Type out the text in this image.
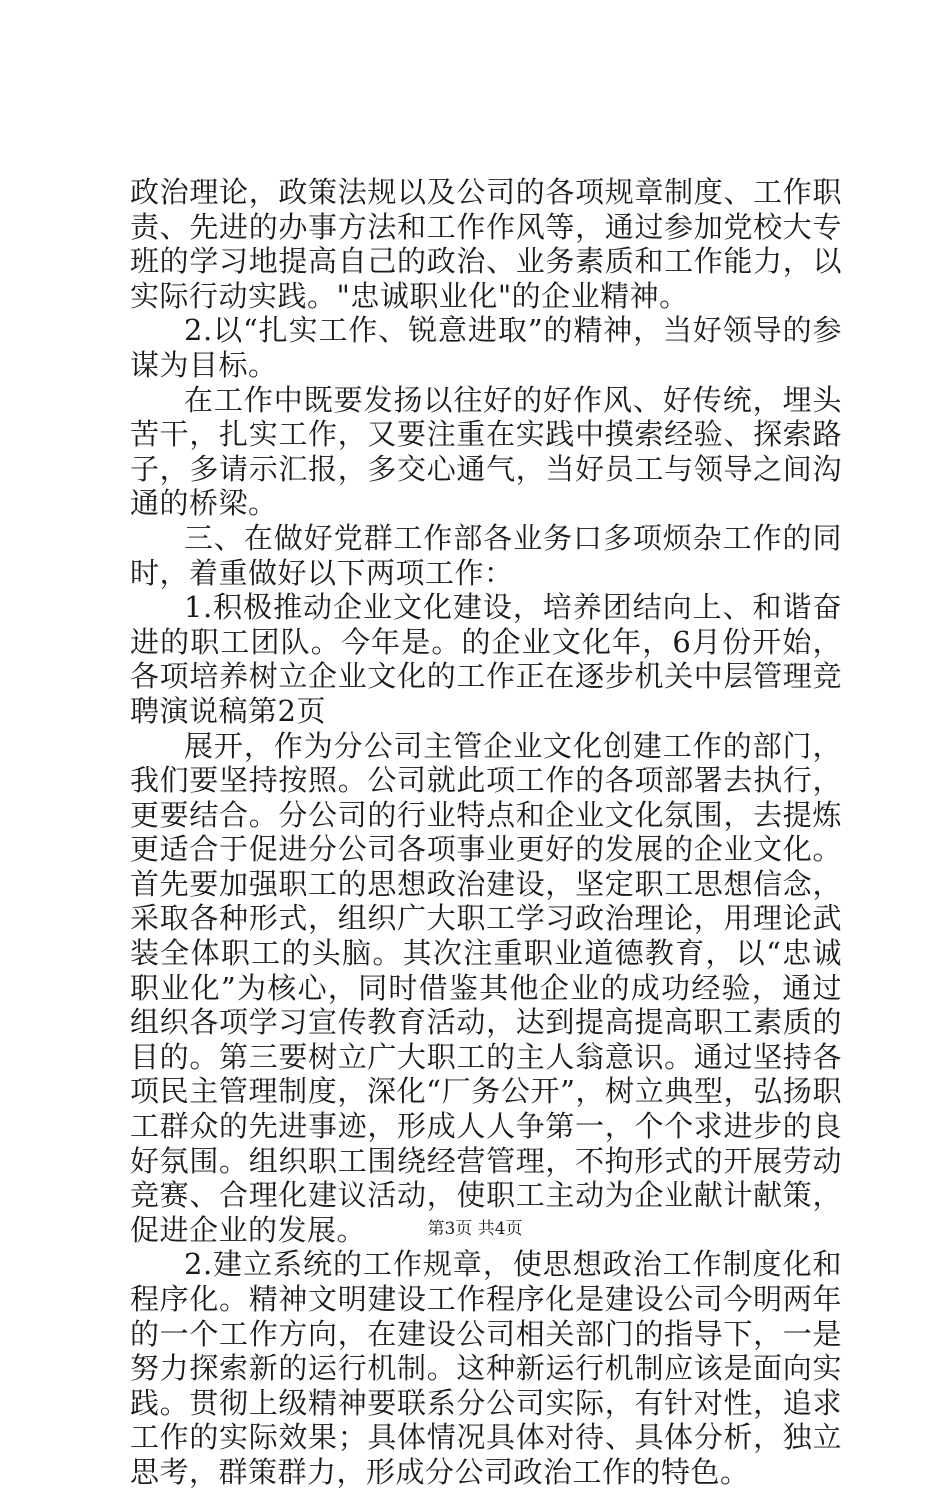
政治理论，政策法规以及公司的各项规章制度、工作职责、先进的办事方法和工作作风等，通过参加党校大专班的学习地提高自己的政治、业务素质和工作能力，以实际行动实践。"忠诚职业化"的企业精神。

2.以“扎实工作、锐意进取”的精神，当好领导的参谋为目标。

在工作中既要发扬以往好的好作风、好传统，埋头苦干，扎实工作，又要注重在实践中摸索经验、探索路子，多请示汇报，多交心通气，当好员工与领导之间沟通的桥梁。

三、在做好党群工作部各业务口多项烦杂工作的同时，着重做好以下两项工作：

1.积极推动企业文化建设，培养团结向上、和谐奋进的职工团队。今年是。的企业文化年，6月份开始，各项培养树立企业文化的工作正在逐步机关中层管理竞聘演说稿第2页

展开，作为分公司主管企业文化创建工作的部门，我们要坚持按照。公司就此项工作的各项部署去执行，更要结合。分公司的行业特点和企业文化氛围，去提炼更适合于促进分公司各项事业更好的发展的企业文化。首先要加强职工的思想政治建设，坚定职工思想信念，采取各种形式，组织广大职工学习政治理论，用理论武装全体职工的头脑。其次注重职业道德教育，以“忠诚职业化”为核心，同时借鉴其他企业的成功经验，通过组织各项学习宣传教育活动，达到提高提高职工素质的目的。第三要树立广大职工的主人翁意识。通过坚持各项民主管理制度，深化“厂务公开”，树立典型，弘扬职工群众的先进事迹，形成人人争第一，个个求进步的良好氛围。组织职工围绕经营管理，不拘形式的开展劳动竞赛、合理化建议活动，使职工主动为企业献计献策，促进企业的发展。

2.建立系统的工作规章，使思想政治工作制度化和程序化。精神文明建设工作程序化是建设公司今明两年的一个工作方向，在建设公司相关部门的指导下，一是努力探索新的运行机制。这种新运行机制应该是面向实践。贯彻上级精神要联系分公司实际，有针对性，追求工作的实际效果；具体情况具体对待、具体分析，独立思考，群策群力，形成分公司政治工作的特色。

第3页 共4页
